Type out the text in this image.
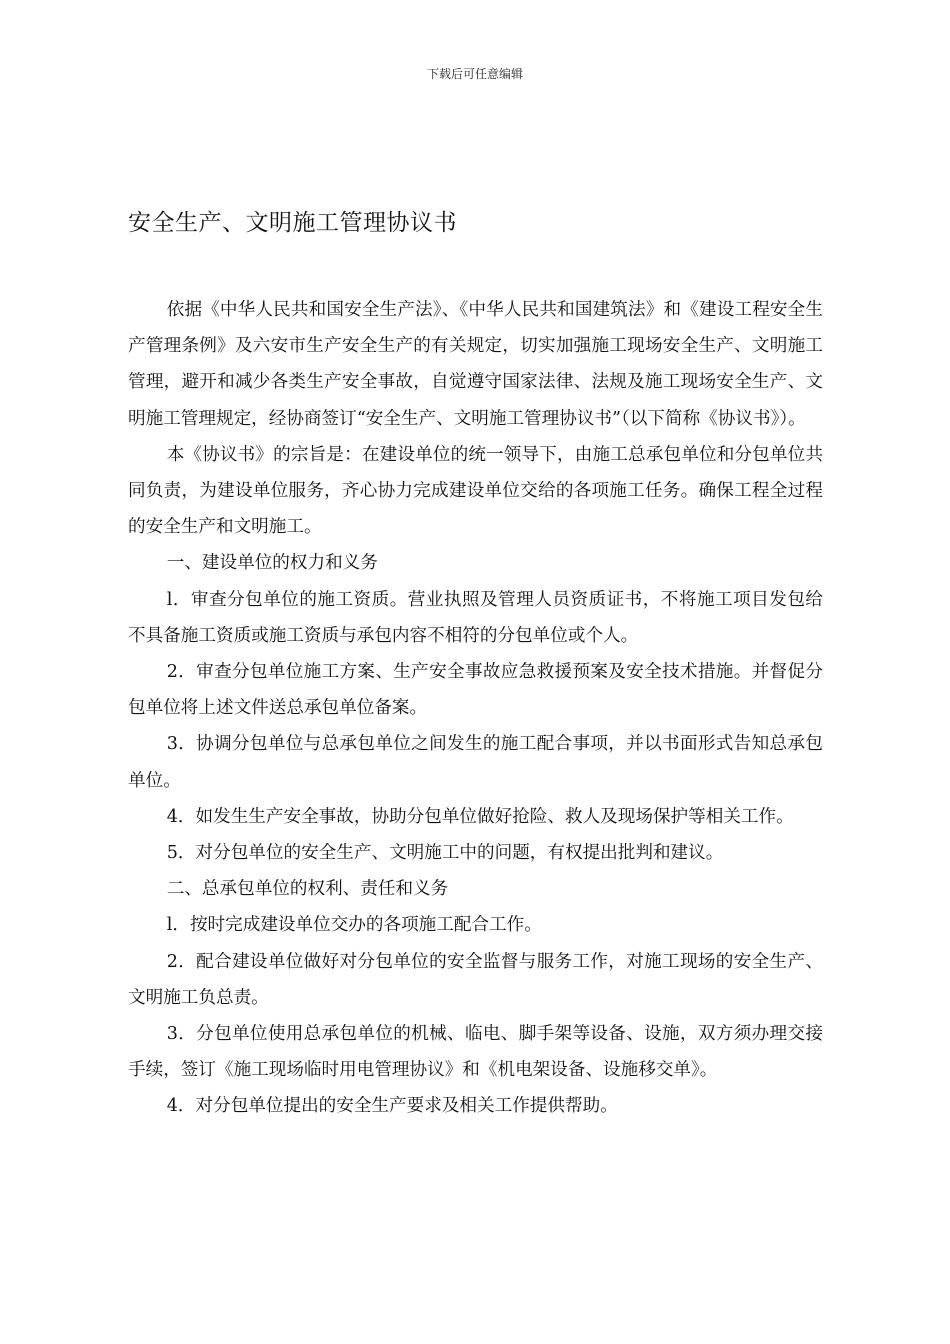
下载后可任意编辑
安全生产、文明施工管理协议书

依据《中华人民共和国安全生产法》、《中华人民共和国建筑法》和《建设工程安全生产管理条例》及六安市生产安全生产的有关规定，切实加强施工现场安全生产、文明施工管理，避开和减少各类生产安全事故，自觉遵守国家法律、法规及施工现场安全生产、文明施工管理规定，经协商签订“安全生产、文明施工管理协议书”（以下简称《协议书》）。

本《协议书》的宗旨是：在建设单位的统一领导下，由施工总承包单位和分包单位共同负责，为建设单位服务，齐心协力完成建设单位交给的各项施工任务。确保工程全过程的安全生产和文明施工。

一、建设单位的权力和义务

l．审查分包单位的施工资质。营业执照及管理人员资质证书，不将施工项目发包给不具备施工资质或施工资质与承包内容不相符的分包单位或个人。

2．审查分包单位施工方案、生产安全事故应急救援预案及安全技术措施。并督促分包单位将上述文件送总承包单位备案。

3．协调分包单位与总承包单位之间发生的施工配合事项，并以书面形式告知总承包单位。

4．如发生生产安全事故，协助分包单位做好抢险、救人及现场保护等相关工作。

5．对分包单位的安全生产、文明施工中的问题，有权提出批判和建议。

二、总承包单位的权利、责任和义务

l．按时完成建设单位交办的各项施工配合工作。

2．配合建设单位做好对分包单位的安全监督与服务工作，对施工现场的安全生产、文明施工负总责。

3．分包单位使用总承包单位的机械、临电、脚手架等设备、设施，双方须办理交接手续，签订《施工现场临时用电管理协议》和《机电架设备、设施移交单》。

4．对分包单位提出的安全生产要求及相关工作提供帮助。
